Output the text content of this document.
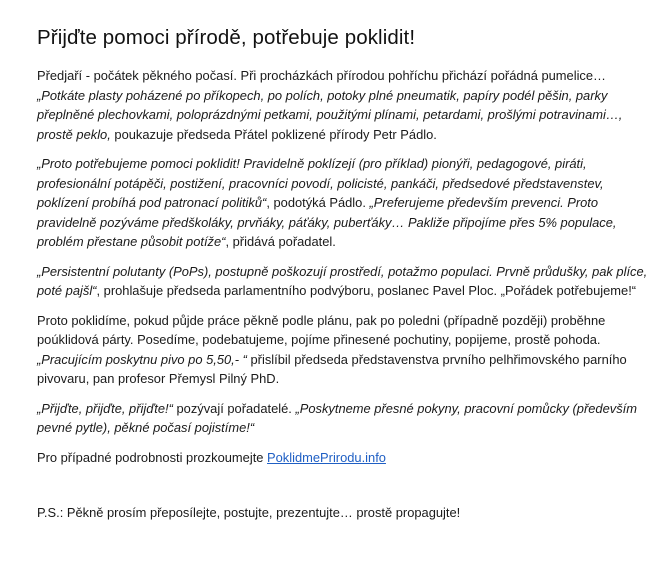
Přijďte pomoci přírodě, potřebuje poklidit!

Předjaří - počátek pěkného počasí. Při procházkách přírodou pohříchu přichází pořádná pumelice… „Potkáte plasty poházené po příkopech, po polích, potoky plné pneumatik, papíry podél pěšin, parky přeplněné plechovkami, poloprázdnými petkami, použitými plínami, petardami, prošlými potravinami…, prostě peklo, poukazuje předseda Přátel poklizené přírody Petr Pádlo.

„Proto potřebujeme pomoci poklidit! Pravidelně poklízejí (pro příklad) pionýři, pedagogové, piráti, profesionální potápěči, postižení, pracovníci povodí, policisté, pankáči, předsedové představenstev, poklízení probíhá pod patronací politiků“, podotýká Pádlo. „Preferujeme především prevenci. Proto pravidelně pozýváme předškoláky, prvňáky, páťáky, puberťáky… Pakliže připojíme přes 5% populace, problém přestane působit potíže“, přidává pořadatel.

„Persistentní polutanty (PoPs), postupně poškozují prostředí, potažmo populaci. Prvně průdušky, pak plíce, poté pajšl“, prohlašuje předseda parlamentního podvýboru, poslanec Pavel Ploc. „Pořádek potřebujeme!“

Proto poklidíme, pokud půjde práce pěkně podle plánu, pak po poledni (případně později) proběhne poúklidová párty. Posedíme, podebatujeme, pojíme přinesené pochutiny, popijeme, prostě pohoda. „Pracujícím poskytnu pivo po 5,50,- “ přislíbil předseda představenstva prvního pelhřimovského parního pivovaru, pan profesor Přemysl Pilný PhD.

„Přijďte, přijďte, přijďte!“ pozývají pořadatelé. „Poskytneme přesné pokyny, pracovní pomůcky (především pevné pytle), pěkné počasí pojistíme!“

Pro případné podrobnosti prozkoumejte PoklidmePrirodu.info

P.S.: Pěkně prosím přeposílejte, postujte, prezentujte… prostě propagujte!
